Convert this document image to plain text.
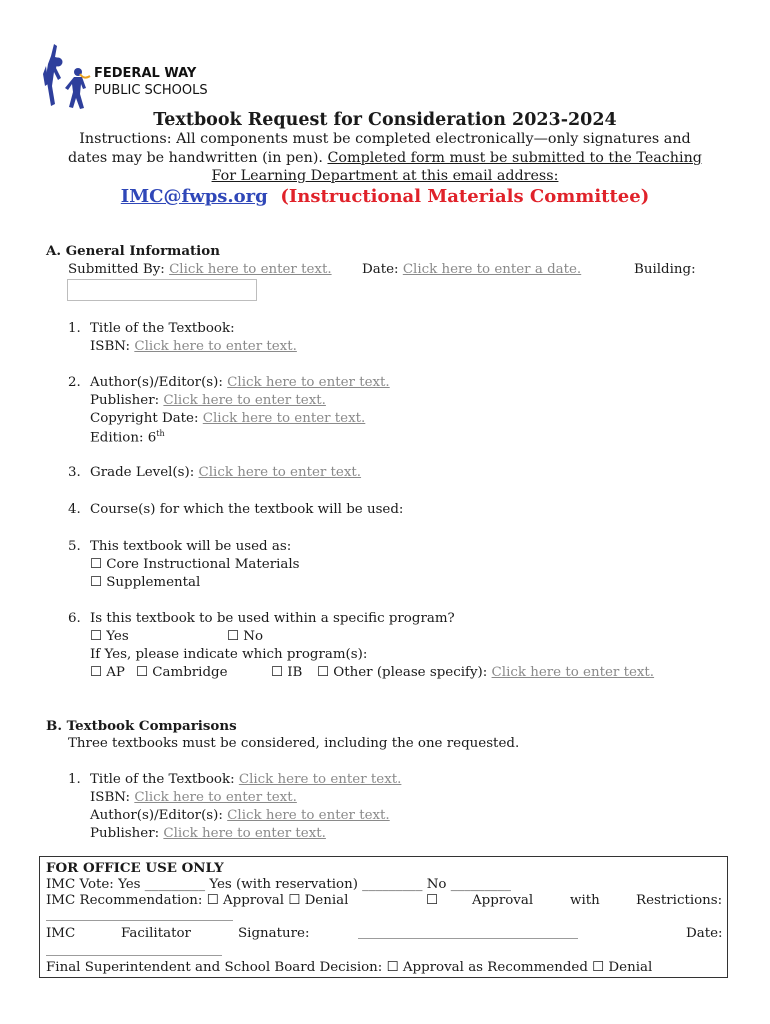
FEDERAL WAY
PUBLIC SCHOOLS
Textbook Request for Consideration 2023-2024
Instructions: All components must be completed electronically—only signatures and
dates may be handwritten (in pen). Completed form must be submitted to the Teaching
For Learning Department at this email address:
IMC@fwps.org (Instructional Materials Committee)
A. General Information
Submitted By: Click here to enter text. Date: Click here to enter a date.	Building:
1. Title of the Textbook:
ISBN: Click here to enter text.
2. Author(s)/Editor(s): Click here to enter text.
Publisher: Click here to enter text.
Copyright Date: Click here to enter text.
Edition: 6th
3. Grade Level(s): Click here to enter text.
4. Course(s) for which the textbook will be used:
5. This textbook will be used as:
☐ Core Instructional Materials
☐ Supplemental
6. Is this textbook to be used within a specific program?
☐ Yes	☐ No
If Yes, please indicate which program(s):
☐ AP ☐ Cambridge	☐ IB ☐ Other (please specify): Click here to enter text.
B. Textbook Comparisons
Three textbooks must be considered, including the one requested.
1. Title of the Textbook: Click here to enter text.
ISBN: Click here to enter text.
Author(s)/Editor(s): Click here to enter text.
Publisher: Click here to enter text.
FOR OFFICE USE ONLY
IMC Vote: Yes _________ Yes (with reservation) _________ No _________
IMC Recommendation: ☐ Approval ☐ Denial	☐	Approval	with	Restrictions:
__________________________________
IMC	Facilitator	Signature:	________________________________________	Date:
________________________________
Final Superintendent and School Board Decision: ☐ Approval as Recommended ☐ Denial
